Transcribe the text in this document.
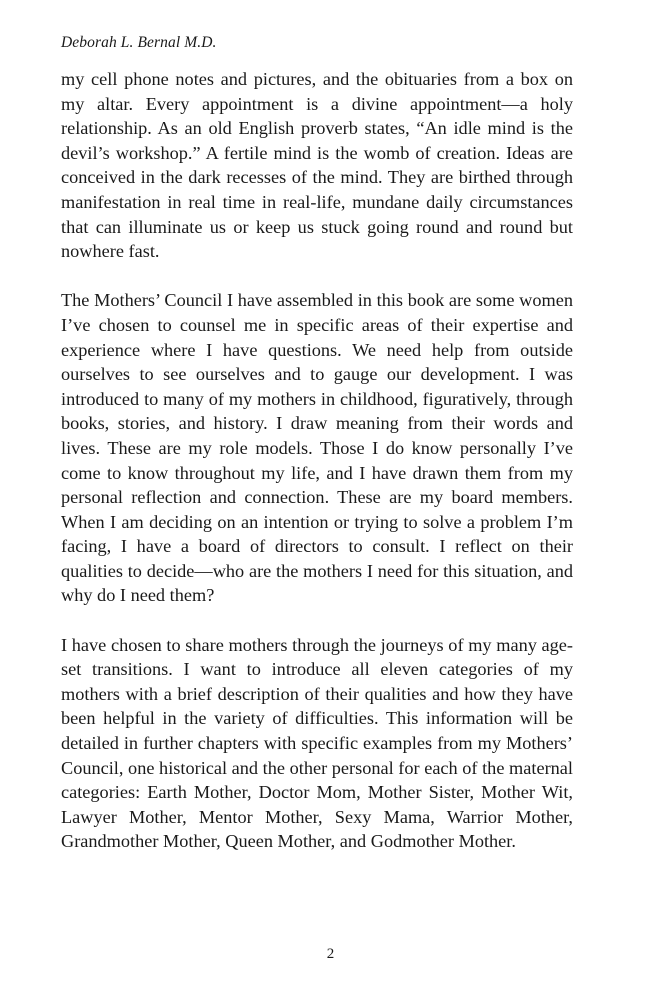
Deborah L. Bernal M.D.

my cell phone notes and pictures, and the obituaries from a box on my altar. Every appointment is a divine appointment—a holy relationship. As an old English proverb states, “An idle mind is the devil’s workshop.” A fertile mind is the womb of creation. Ideas are conceived in the dark recesses of the mind. They are birthed through manifestation in real time in real-life, mundane daily circumstances that can illuminate us or keep us stuck going round and round but nowhere fast.

The Mothers’ Council I have assembled in this book are some women I’ve chosen to counsel me in specific areas of their expertise and experience where I have questions. We need help from outside ourselves to see ourselves and to gauge our development. I was introduced to many of my mothers in childhood, figuratively, through books, stories, and history. I draw meaning from their words and lives. These are my role models. Those I do know personally I’ve come to know throughout my life, and I have drawn them from my personal reflection and connection. These are my board members. When I am deciding on an intention or trying to solve a problem I’m facing, I have a board of directors to consult. I reflect on their qualities to decide—who are the mothers I need for this situation, and why do I need them?

I have chosen to share mothers through the journeys of my many age-set transitions. I want to introduce all eleven categories of my mothers with a brief description of their qualities and how they have been helpful in the variety of difficulties. This information will be detailed in further chapters with specific examples from my Mothers’ Council, one historical and the other personal for each of the maternal categories: Earth Mother, Doctor Mom, Mother Sister, Mother Wit, Lawyer Mother, Mentor Mother, Sexy Mama, Warrior Mother, Grandmother Mother, Queen Mother, and Godmother Mother.

2
